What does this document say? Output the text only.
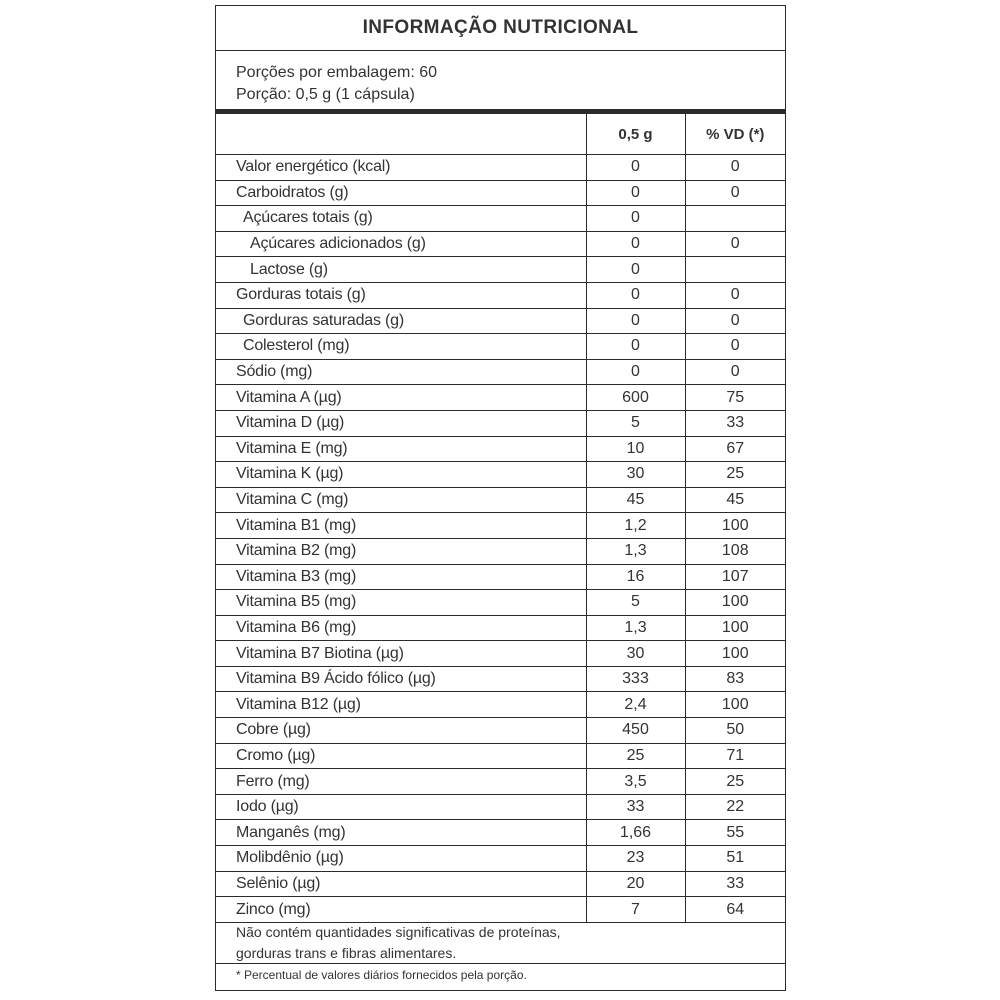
INFORMAÇÃO NUTRICIONAL
Porções por embalagem: 60
Porção: 0,5 g (1 cápsula)
	0,5 g	% VD (*)
Valor energético (kcal)	0	0
Carboidratos (g)	0	0
Açúcares totais (g)	0	
Açúcares adicionados (g)	0	0
Lactose (g)	0	
Gorduras totais (g)	0	0
Gorduras saturadas (g)	0	0
Colesterol (mg)	0	0
Sódio (mg)	0	0
Vitamina A (µg)	600	75
Vitamina D (µg)	5	33
Vitamina E (mg)	10	67
Vitamina K (µg)	30	25
Vitamina C (mg)	45	45
Vitamina B1 (mg)	1,2	100
Vitamina B2 (mg)	1,3	108
Vitamina B3 (mg)	16	107
Vitamina B5 (mg)	5	100
Vitamina B6 (mg)	1,3	100
Vitamina B7 Biotina (µg)	30	100
Vitamina B9 Ácido fólico (µg)	333	83
Vitamina B12 (µg)	2,4	100
Cobre (µg)	450	50
Cromo (µg)	25	71
Ferro (mg)	3,5	25
Iodo (µg)	33	22
Manganês (mg)	1,66	55
Molibdênio (µg)	23	51
Selênio (µg)	20	33
Zinco (mg)	7	64
Não contém quantidades significativas de proteínas,
gorduras trans e fibras alimentares.
* Percentual de valores diários fornecidos pela porção.
